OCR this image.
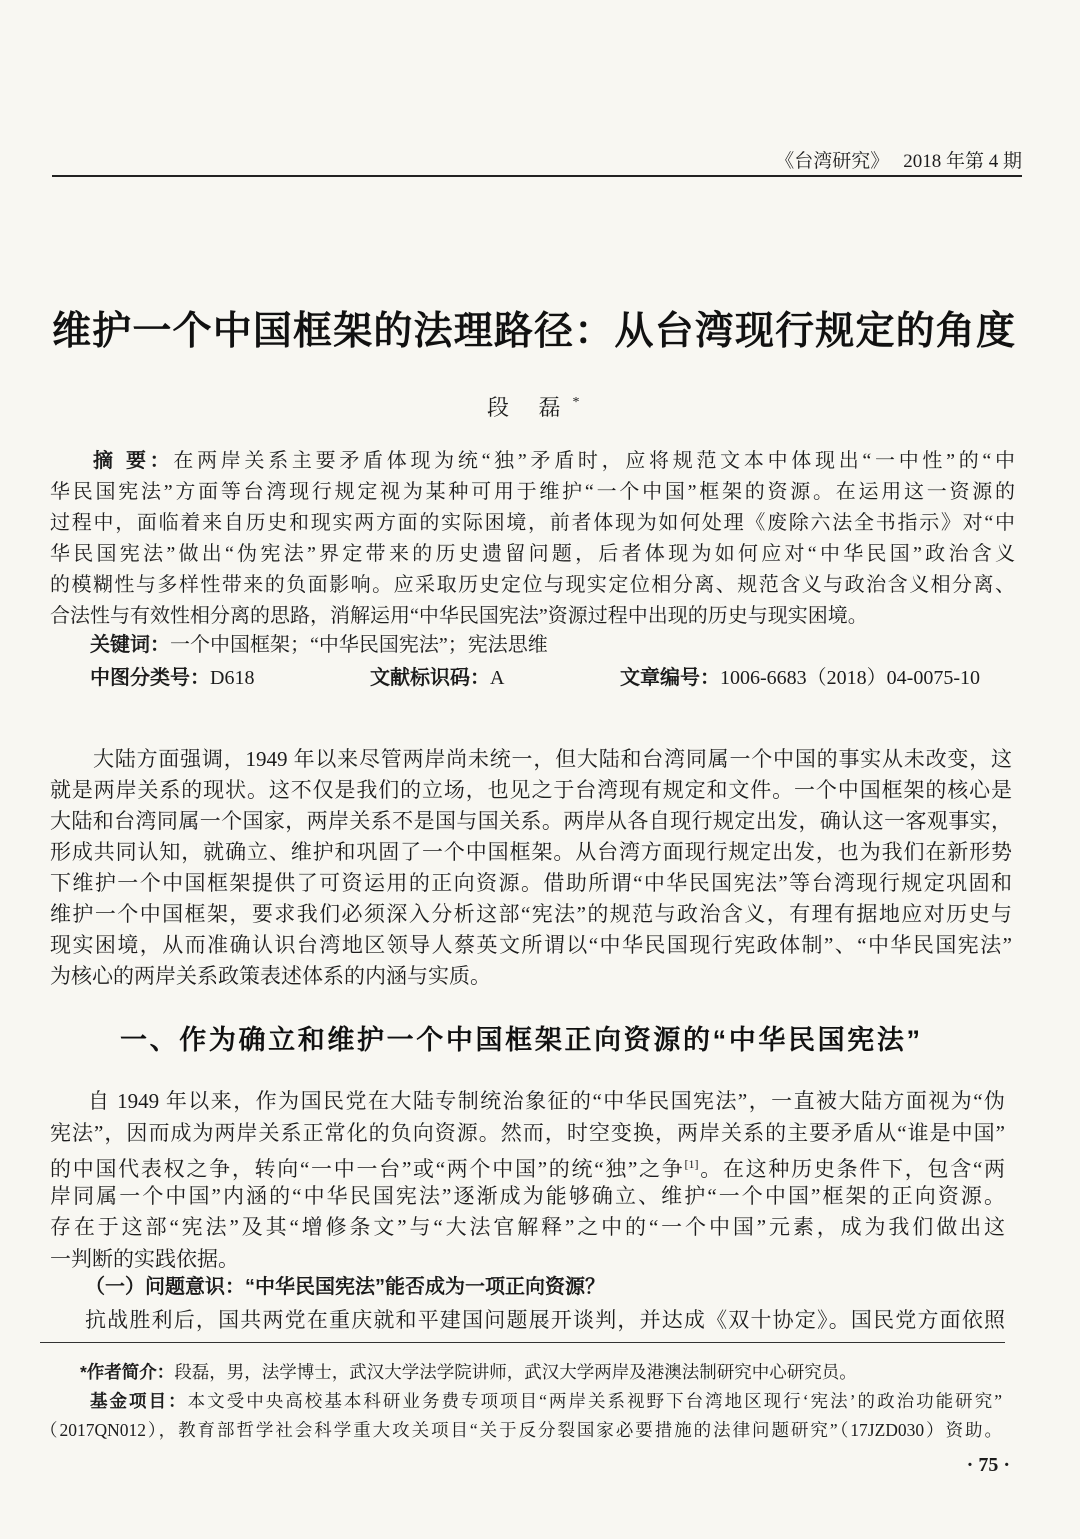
《台湾研究》 2018 年第 4 期
维护一个中国框架的法理路径：从台湾现行规定的角度
段 磊*
摘 要：在两岸关系主要矛盾体现为统“独”矛盾时，应将规范文本中体现出“一中性”的“中
华民国宪法”方面等台湾现行规定视为某种可用于维护“一个中国”框架的资源。在运用这一资源的
过程中，面临着来自历史和现实两方面的实际困境，前者体现为如何处理《废除六法全书指示》对“中
华民国宪法”做出“伪宪法”界定带来的历史遗留问题，后者体现为如何应对“中华民国”政治含义
的模糊性与多样性带来的负面影响。应采取历史定位与现实定位相分离、规范含义与政治含义相分离、
合法性与有效性相分离的思路，消解运用“中华民国宪法”资源过程中出现的历史与现实困境。
关键词：一个中国框架；“中华民国宪法”；宪法思维
中图分类号：D618	文献标识码：A	文章编号：1006-6683（2018）04-0075-10
大陆方面强调，1949 年以来尽管两岸尚未统一，但大陆和台湾同属一个中国的事实从未改变，这
就是两岸关系的现状。这不仅是我们的立场，也见之于台湾现有规定和文件。一个中国框架的核心是
大陆和台湾同属一个国家，两岸关系不是国与国关系。两岸从各自现行规定出发，确认这一客观事实，
形成共同认知，就确立、维护和巩固了一个中国框架。从台湾方面现行规定出发，也为我们在新形势
下维护一个中国框架提供了可资运用的正向资源。借助所谓“中华民国宪法”等台湾现行规定巩固和
维护一个中国框架，要求我们必须深入分析这部“宪法”的规范与政治含义，有理有据地应对历史与
现实困境，从而准确认识台湾地区领导人蔡英文所谓以“中华民国现行宪政体制”、“中华民国宪法”
为核心的两岸关系政策表述体系的内涵与实质。
一、作为确立和维护一个中国框架正向资源的“中华民国宪法”
自 1949 年以来，作为国民党在大陆专制统治象征的“中华民国宪法”，一直被大陆方面视为“伪
宪法”，因而成为两岸关系正常化的负向资源。然而，时空变换，两岸关系的主要矛盾从“谁是中国”
的中国代表权之争，转向“一中一台”或“两个中国”的统“独”之争[1]。在这种历史条件下，包含“两
岸同属一个中国”内涵的“中华民国宪法”逐渐成为能够确立、维护“一个中国”框架的正向资源。
存在于这部“宪法”及其“增修条文”与“大法官解释”之中的“一个中国”元素，成为我们做出这
一判断的实践依据。
（一）问题意识：“中华民国宪法”能否成为一项正向资源？
抗战胜利后，国共两党在重庆就和平建国问题展开谈判，并达成《双十协定》。国民党方面依照
*作者简介：段磊，男，法学博士，武汉大学法学院讲师，武汉大学两岸及港澳法制研究中心研究员。
基金项目：本文受中央高校基本科研业务费专项项目“两岸关系视野下台湾地区现行‘宪法’的政治功能研究”
（2017QN012），教育部哲学社会科学重大攻关项目“关于反分裂国家必要措施的法律问题研究”（17JZD030）资助。
· 75 ·
